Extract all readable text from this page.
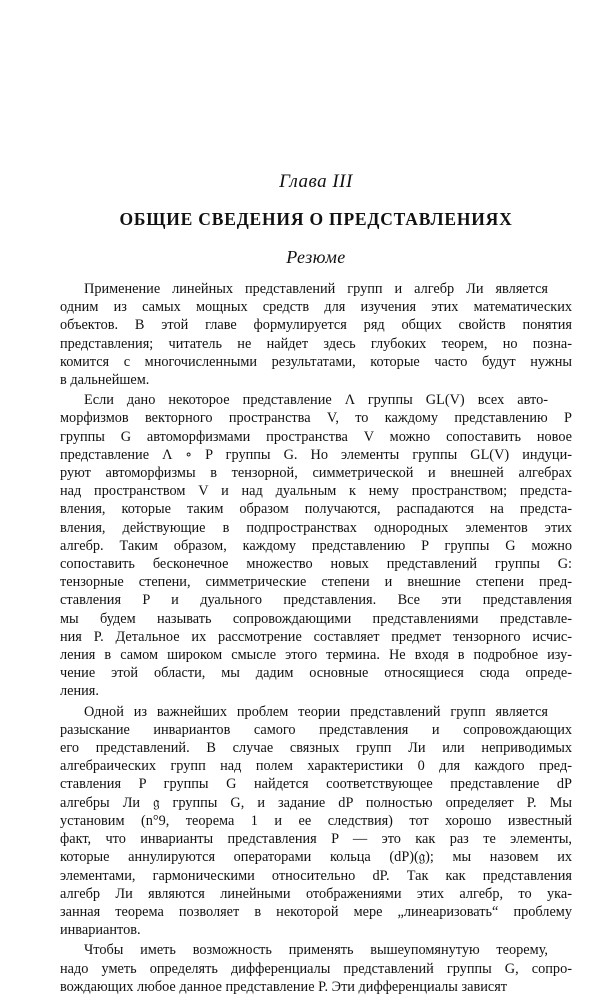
Глава III
ОБЩИЕ СВЕДЕНИЯ О ПРЕДСТАВЛЕНИЯХ
Резюме
Применение линейных представлений групп и алгебр Ли является
одним из самых мощных средств для изучения этих математических
объектов. В этой главе формулируется ряд общих свойств понятия
представления; читатель не найдет здесь глубоких теорем, но позна-
комится с многочисленными результатами, которые часто будут нужны
в дальнейшем.
Если дано некоторое представление Λ группы GL(V) всех авто-
морфизмов векторного пространства V, то каждому представлению P
группы G автоморфизмами пространства V можно сопоставить новое
представление Λ ∘ P группы G. Но элементы группы GL(V) индуци-
руют автоморфизмы в тензорной, симметрической и внешней алгебрах
над пространством V и над дуальным к нему пространством; предста-
вления, которые таким образом получаются, распадаются на предста-
вления, действующие в подпространствах однородных элементов этих
алгебр. Таким образом, каждому представлению P группы G можно
сопоставить бесконечное множество новых представлений группы G:
тензорные степени, симметрические степени и внешние степени пред-
ставления P и дуального представления. Все эти представления
мы будем называть сопровождающими представлениями представле-
ния P. Детальное их рассмотрение составляет предмет тензорного исчис-
ления в самом широком смысле этого термина. Не входя в подробное изу-
чение этой области, мы дадим основные относящиеся сюда опреде-
ления.
Одной из важнейших проблем теории представлений групп является
разыскание инвариантов самого представления и сопровождающих
его представлений. В случае связных групп Ли или неприводимых
алгебраических групп над полем характеристики 0 для каждого пред-
ставления P группы G найдется соответствующее представление dP
алгебры Ли 𝔤 группы G, и задание dP полностью определяет P. Мы
установим (n°9, теорема 1 и ее следствия) тот хорошо известный
факт, что инварианты представления P — это как раз те элементы,
которые аннулируются операторами кольца (dP)(𝔤); мы назовем их
элементами, гармоническими относительно dP. Так как представления
алгебр Ли являются линейными отображениями этих алгебр, то ука-
занная теорема позволяет в некоторой мере „линеаризовать“ проблему
инвариантов.
Чтобы иметь возможность применять вышеупомянутую теорему,
надо уметь определять дифференциалы представлений группы G, сопро-
вождающих любое данное представление P. Эти дифференциалы зависят
